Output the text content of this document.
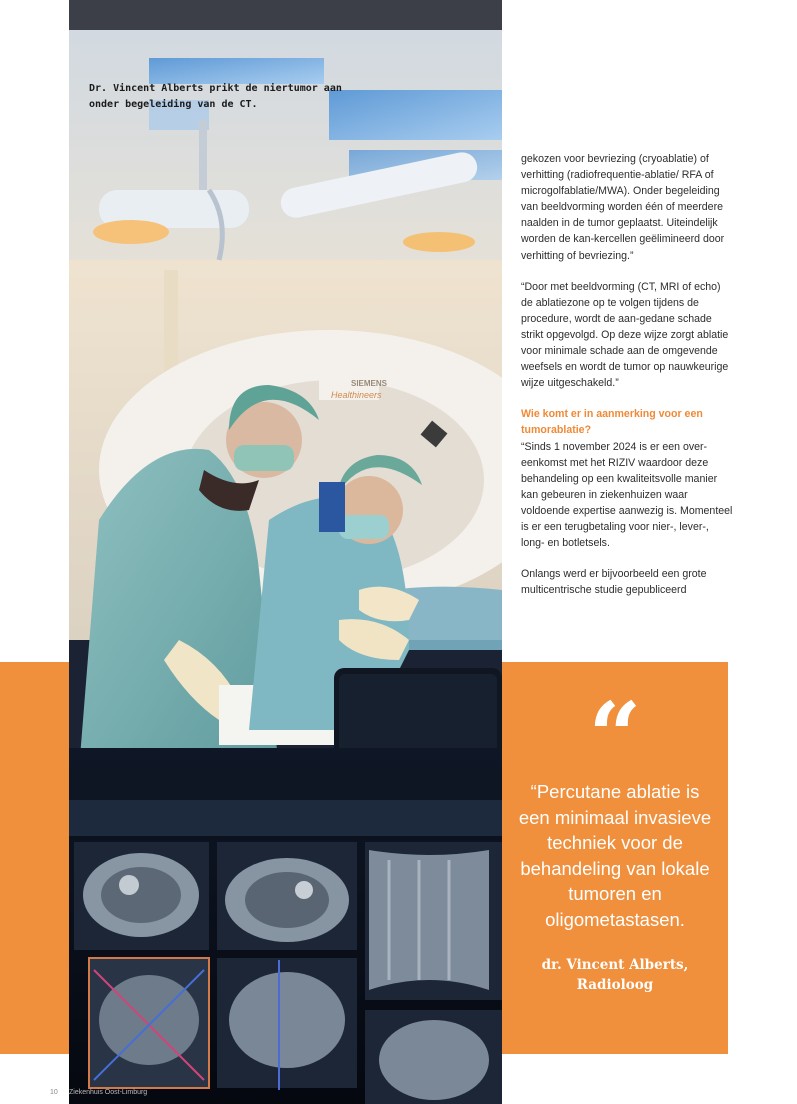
SIEMENS
Healthineers
Dr. Vincent Alberts prikt de niertumor aan onder begeleiding van de CT.

gekozen voor bevriezing (cryoablatie) of verhitting (radiofrequentie-ablatie/ RFA of microgolfablatie/MWA). Onder begeleiding van beeldvorming worden één of meerdere naalden in de tumor geplaatst. Uiteindelijk worden de kan-kercellen geëlimineerd door verhitting of bevriezing.”

“Door met beeldvorming (CT, MRI of echo) de ablatiezone op te volgen tijdens de procedure, wordt de aan-gedane schade strikt opgevolgd. Op deze wijze zorgt ablatie voor minimale schade aan de omgevende weefsels en wordt de tumor op nauwkeurige wijze uitgeschakeld.”

Wie komt er in aanmerking voor een tumorablatie?

“Sinds 1 november 2024 is er een over-eenkomst met het RIZIV waardoor deze behandeling op een kwaliteitsvolle manier kan gebeuren in ziekenhuizen waar voldoende expertise aanwezig is. Momenteel is er een terugbetaling voor nier-, lever-, long- en botletsels.

Onlangs werd er bijvoorbeeld een grote multicentrische studie gepubliceerd

“
“Percutane ablatie is een minimaal invasieve techniek voor de behandeling van lokale tumoren en oligometastasen.
dr. Vincent Alberts, Radioloog
10 Ziekenhuis Oost-Limburg
